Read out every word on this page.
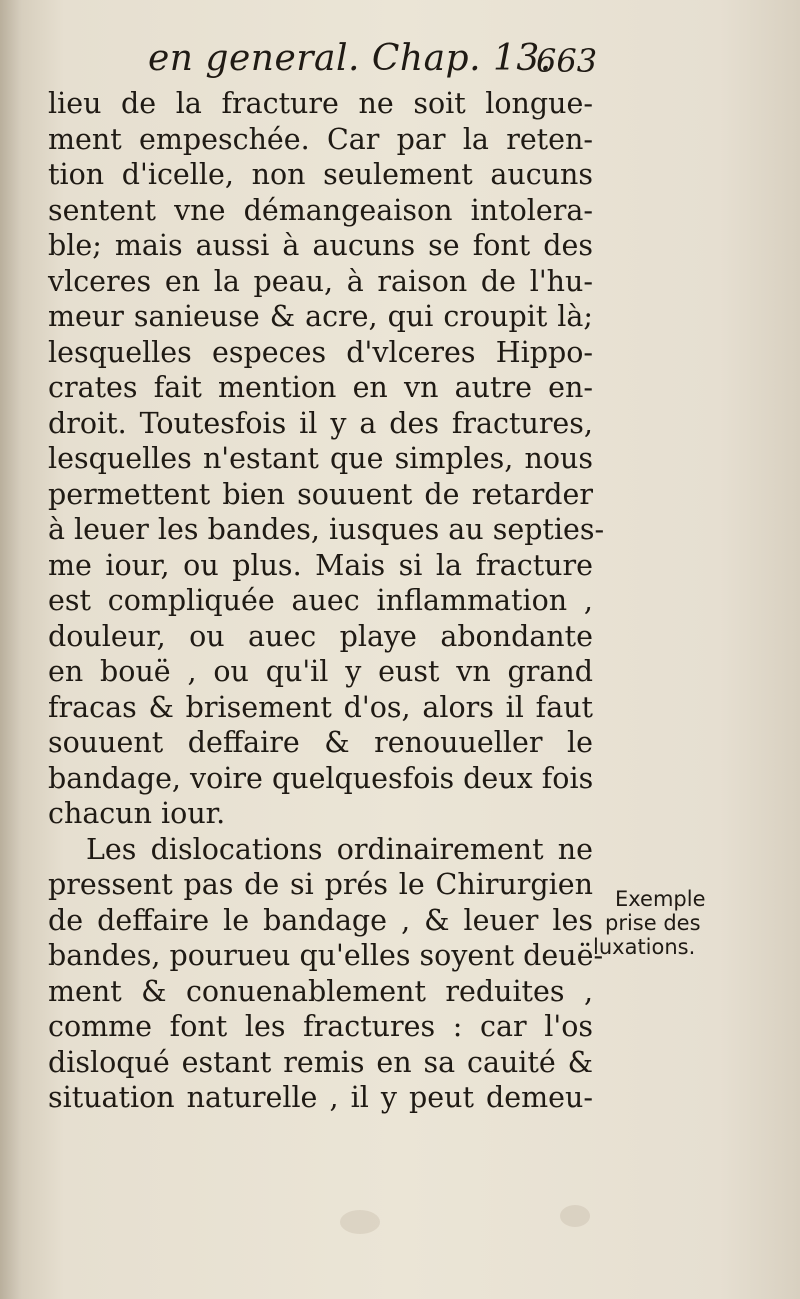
en general. Chap. 13.
663
lieu de la fracture ne soit longue-
ment empeschée. Car par la reten-
tion d'icelle, non seulement aucuns
sentent vne démangeaison intolera-
ble; mais aussi à aucuns se font des
vlceres en la peau, à raison de l'hu-
meur sanieuse & acre, qui croupit là;
lesquelles especes d'vlceres Hippo-
crates fait mention en vn autre en-
droit. Toutesfois il y a des fractures,
lesquelles n'estant que simples, nous
permettent bien souuent de retarder
à leuer les bandes, iusques au septies-
me iour, ou plus. Mais si la fracture
est compliquée auec inflammation ,
douleur, ou auec playe abondante
en bouë , ou qu'il y eust vn grand
fracas & brisement d'os, alors il faut
souuent deffaire & renouueller le
bandage, voire quelquesfois deux fois
chacun iour.
Les dislocations ordinairement ne
pressent pas de si prés le Chirurgien
de deffaire le bandage , & leuer les
bandes, pourueu qu'elles soyent deuë-
ment & conuenablement reduites ,
comme font les fractures : car l'os
disloqué estant remis en sa cauité &
situation naturelle , il y peut demeu-
Exemple
prise des
luxations.
